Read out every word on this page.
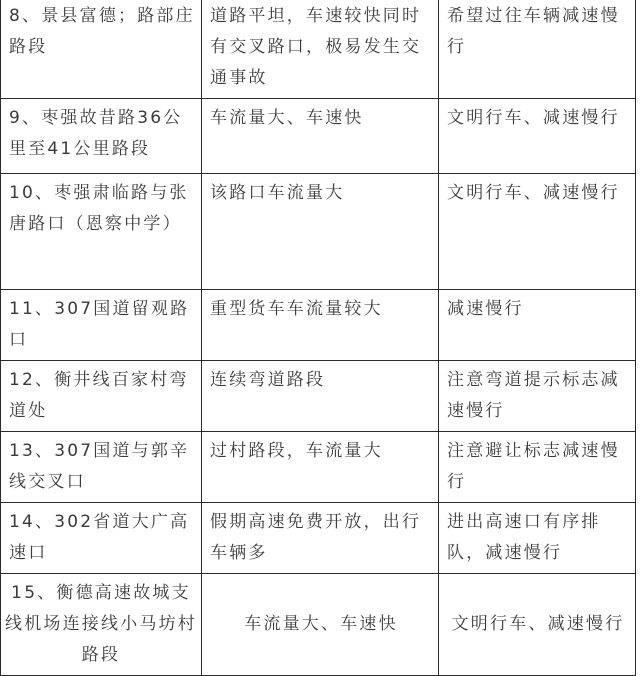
8、景县富德；路部庄路段	道路平坦，车速较快同时有交叉路口，极易发生交通事故	希望过往车辆减速慢行
9、枣强故昔路36公里至41公里路段	车流量大、车速快	文明行车、减速慢行
10、枣强肃临路与张唐路口（恩察中学）	该路口车流量大	文明行车、减速慢行
11、307国道留观路口	重型货车车流量较大	减速慢行
12、衡井线百家村弯道处	连续弯道路段	注意弯道提示标志减速慢行
13、307国道与郭辛线交叉口	过村路段，车流量大	注意避让标志减速慢行
14、302省道大广高速口	假期高速免费开放，出行车辆多	进出高速口有序排队，减速慢行
15、衡德高速故城支线机场连接线小马坊村路段	车流量大、车速快	文明行车、减速慢行
